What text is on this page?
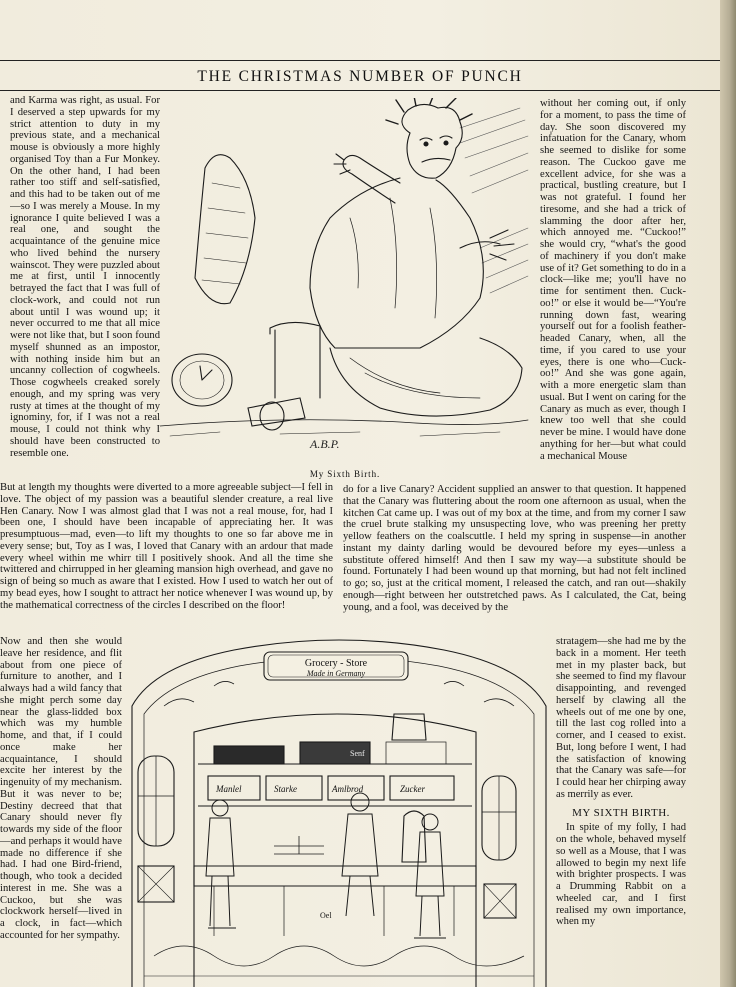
THE CHRISTMAS NUMBER OF PUNCH
A.B.P.
My Sixth Birth.

and Karma was right, as usual. For I deserved a step upwards for my strict attention to duty in my previous state, and a mechanical mouse is obviously a more highly organised Toy than a Fur Monkey. On the other hand, I had been rather too stiff and self-satisfied, and this had to be taken out of me—so I was merely a Mouse. In my ignorance I quite believed I was a real one, and sought the acquaintance of the genuine mice who lived behind the nursery wainscot. They were puzzled about me at first, until I innocently betrayed the fact that I was full of clock-work, and could not run about until I was wound up; it never occurred to me that all mice were not like that, but I soon found myself shunned as an impostor, with nothing inside him but an uncanny collection of cogwheels. Those cogwheels creaked sorely enough, and my spring was very rusty at times at the thought of my ignominy, for, if I was not a real mouse, I could not think why I should have been constructed to resemble one.

without her coming out, if only for a moment, to pass the time of day. She soon discovered my infatuation for the Canary, whom she seemed to dislike for some reason. The Cuckoo gave me excellent advice, for she was a practical, bustling creature, but I was not grateful. I found her tiresome, and she had a trick of slamming the door after her, which annoyed me. “Cuckoo!” she would cry, “what's the good of machinery if you don't make use of it? Get something to do in a clock—like me; you'll have no time for sentiment then. Cuck-oo!” or else it would be—“You're running down fast, wearing yourself out for a foolish feather-headed Canary, when, all the time, if you cared to use your eyes, there is one who—Cuck-oo!” And she was gone again, with a more energetic slam than usual. But I went on caring for the Canary as much as ever, though I knew too well that she could never be mine. I would have done anything for her—but what could a mechanical Mouse

But at length my thoughts were diverted to a more agreeable subject—I fell in love. The object of my passion was a beautiful slender creature, a real live Hen Canary. Now I was almost glad that I was not a real mouse, for, had I been one, I should have been incapable of appreciating her. It was presumptuous—mad, even—to lift my thoughts to one so far above me in every sense; but, Toy as I was, I loved that Canary with an ardour that made every wheel within me whirr till I positively shook. And all the time she twittered and chirrupped in her gleaming mansion high overhead, and gave no sign of being so much as aware that I existed. How I used to watch her out of my bead eyes, how I sought to attract her notice whenever I was wound up, by the mathematical correctness of the circles I described on the floor!

do for a live Canary? Accident supplied an answer to that question. It happened that the Canary was fluttering about the room one afternoon as usual, when the kitchen Cat came up. I was out of my box at the time, and from my corner I saw the cruel brute stalking my unsuspecting love, who was preening her pretty yellow feathers on the coalscuttle. I held my spring in suspense—in another instant my dainty darling would be devoured before my eyes—unless a substitute offered himself! And then I saw my way—a substitute should be found. Fortunately I had been wound up that morning, but had not felt inclined to go; so, just at the critical moment, I released the catch, and ran out—shakily enough—right between her outstretched paws. As I calculated, the Cat, being young, and a fool, was deceived by the

Now and then she would leave her residence, and flit about from one piece of furniture to another, and I always had a wild fancy that she might perch some day near the glass-lidded box which was my humble home, and that, if I could once make her acquaintance, I should excite her interest by the ingenuity of my mechanism. But it was never to be; Destiny decreed that that Canary should never fly towards my side of the floor—and perhaps it would have made no difference if she had. I had one Bird-friend, though, who took a decided interest in me. She was a Cuckoo, but she was clockwork herself—lived in a clock, in fact—which accounted for her sympathy.

stratagem—she had me by the back in a moment. Her teeth met in my plaster back, but she seemed to find my flavour disappointing, and revenged herself by clawing all the wheels out of me one by one, till the last cog rolled into a corner, and I ceased to exist. But, long before I went, I had the satisfaction of knowing that the Canary was safe—for I could hear her chirping away as merrily as ever.

MY SIXTH BIRTH.

In spite of my folly, I had on the whole, behaved myself so well as a Mouse, that I was allowed to begin my next life with brighter prospects. I was a Drumming Rabbit on a wheeled car, and I first realised my own importance, when my

Grocery - Store
Made in Germany
Senf
Manlel	Starke	Amlbrod	Zucker
Oel
